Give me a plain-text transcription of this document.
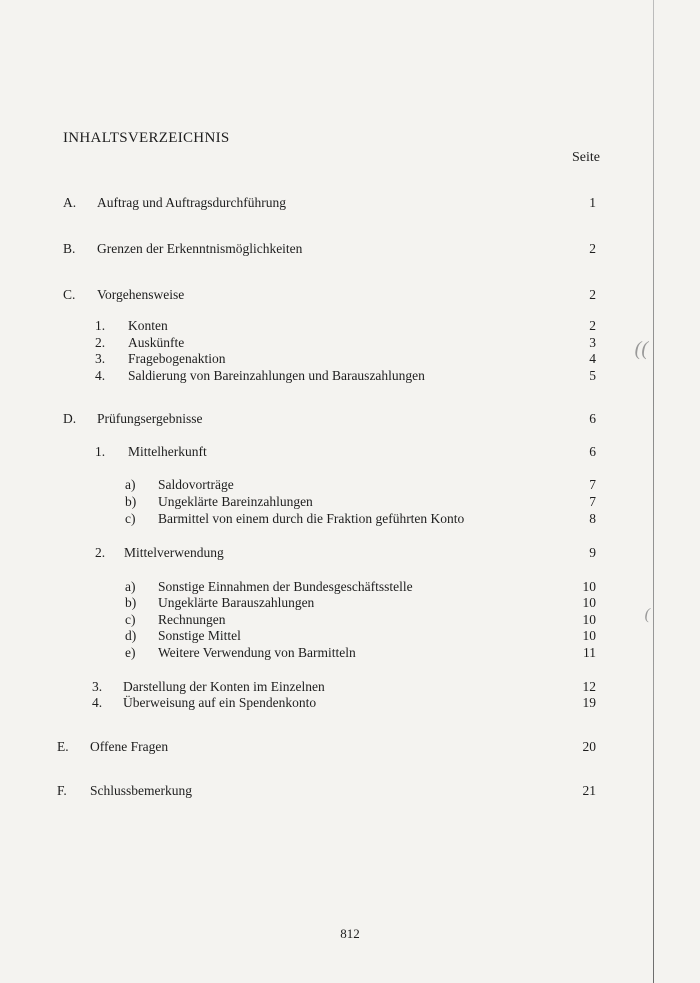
INHALTSVERZEICHNIS
Seite
A. Auftrag und Auftragsdurchführung	1
B. Grenzen der Erkenntnismöglichkeiten	2
C. Vorgehensweise	2
1. Konten	2
2. Auskünfte	3
3. Fragebogenaktion	4
4. Saldierung von Bareinzahlungen und Barauszahlungen	5
D. Prüfungsergebnisse	6
1. Mittelherkunft	6
a) Saldovorträge	7
b) Ungeklärte Bareinzahlungen	7
c) Barmittel von einem durch die Fraktion geführten Konto	8
2. Mittelverwendung	9
a) Sonstige Einnahmen der Bundesgeschäftsstelle	10
b) Ungeklärte Barauszahlungen	10
c) Rechnungen	10
d) Sonstige Mittel	10
e) Weitere Verwendung von Barmitteln	11
3. Darstellung der Konten im Einzelnen	12
4. Überweisung auf ein Spendenkonto	19
E. Offene Fragen	20
F. Schlussbemerkung	21
812
((
(
